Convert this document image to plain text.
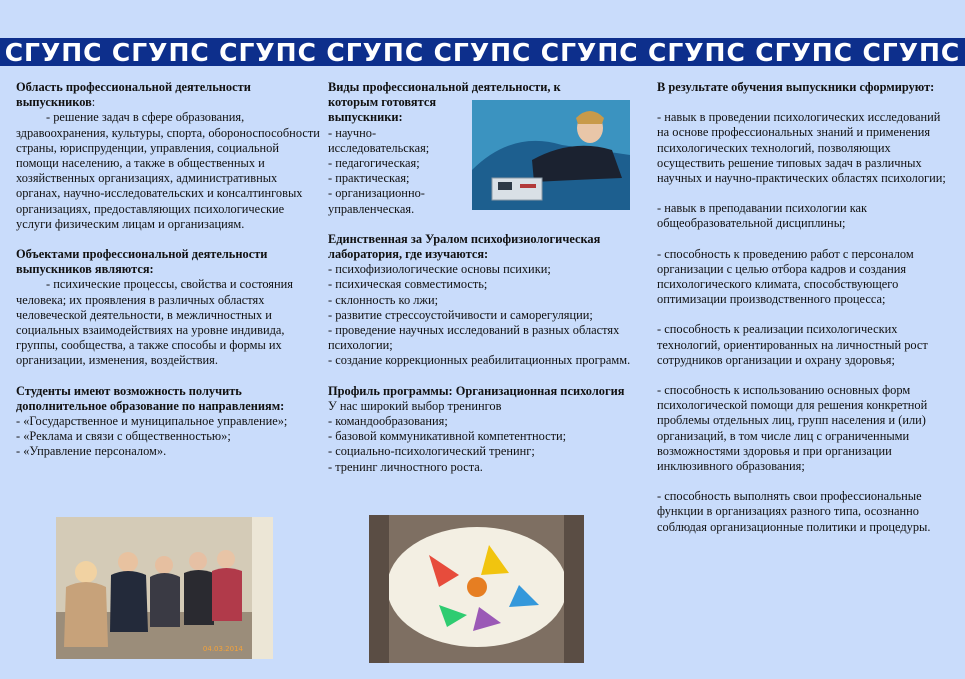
СГУПС СГУПС СГУПС СГУПС СГУПС СГУПС СГУПС СГУПС СГУПС

Область профессиональной деятельности выпускников:

- решение задач в сфере образования, здравоохранения, культуры, спорта, обороноспособности страны, юриспруденции, управления, социальной помощи населению, а также в общественных и хозяйственных организациях, административных органах, научно-исследовательских и консалтинговых организациях, предоставляющих психологические услуги физическим лицам и организациям.

Объектами профессиональной деятельности выпускников являются:

- психические процессы, свойства и состояния человека; их проявления в различных областях человеческой деятельности, в межличностных и социальных взаимодействиях на уровне индивида, группы, сообщества, а также способы и формы их организации, изменения, воздействия.

Студенты имеют возможность получить дополнительное образование по направлениям:

- «Государственное и муниципальное управление»;

- «Реклама и связи с общественностью»;

- «Управление персоналом».

Виды профессиональной деятельности, к которым готовятся

выпускники:

- научно-исследовательская;

- педагогическая;

- практическая;

- организационно-управленческая.

Единственная за Уралом психофизиологическая лаборатория, где изучаются:

- психофизиологические основы психики;

- психическая совместимость;

- склонность ко лжи;

- развитие стрессоустойчивости и саморегуляции;

- проведение научных исследований в разных областях психологии;

- создание коррекционных реабилитационных программ.

Профиль программы: Организационная психология

У нас широкий выбор тренингов

- командообразования;

- базовой коммуникативной компетентности;

- социально-психологический тренинг;

- тренинг личностного роста.

В результате обучения выпускники сформируют:

- навык в проведении психологических исследований на основе профессиональных знаний и применения психологических технологий, позволяющих осуществить решение типовых задач в различных научных и научно-практических областях психологии;

- навык в преподавании психологии как общеобразовательной дисциплины;

- способность к проведению работ с персоналом организации с целью отбора кадров и создания психологического климата, способствующего оптимизации производственного процесса;

- способность к реализации психологических технологий, ориентированных на личностный рост сотрудников организации и охрану здоровья;

- способность к использованию основных форм психологической помощи для решения конкретной проблемы отдельных лиц, групп населения и (или) организаций, в том числе лиц с ограниченными возможностями здоровья и при организации инклюзивного образования;

- способность выполнять свои профессиональные функции в организациях разного типа, осознанно соблюдая организационные политики и процедуры.

04.03.2014
